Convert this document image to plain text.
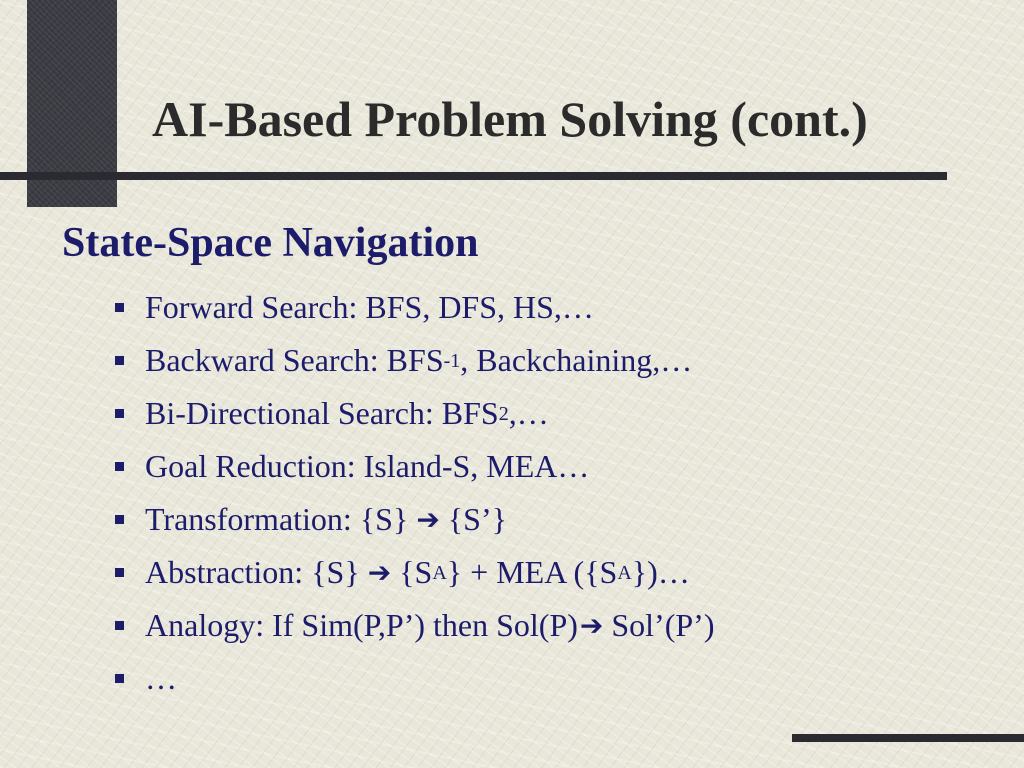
AI-Based Problem Solving (cont.)
State-Space Navigation
Forward Search: BFS, DFS, HS,…
Backward Search: BFS -1 , Backchaining,…
Bi-Directional Search: BFS 2 ,…
Goal Reduction: Island-S, MEA…
Transformation: {S} ➔ {S’}
Abstraction: {S} ➔ {S A } + MEA ({S A })…
Analogy: If Sim(P,P’) then Sol(P) ➔ Sol’(P’)
…
